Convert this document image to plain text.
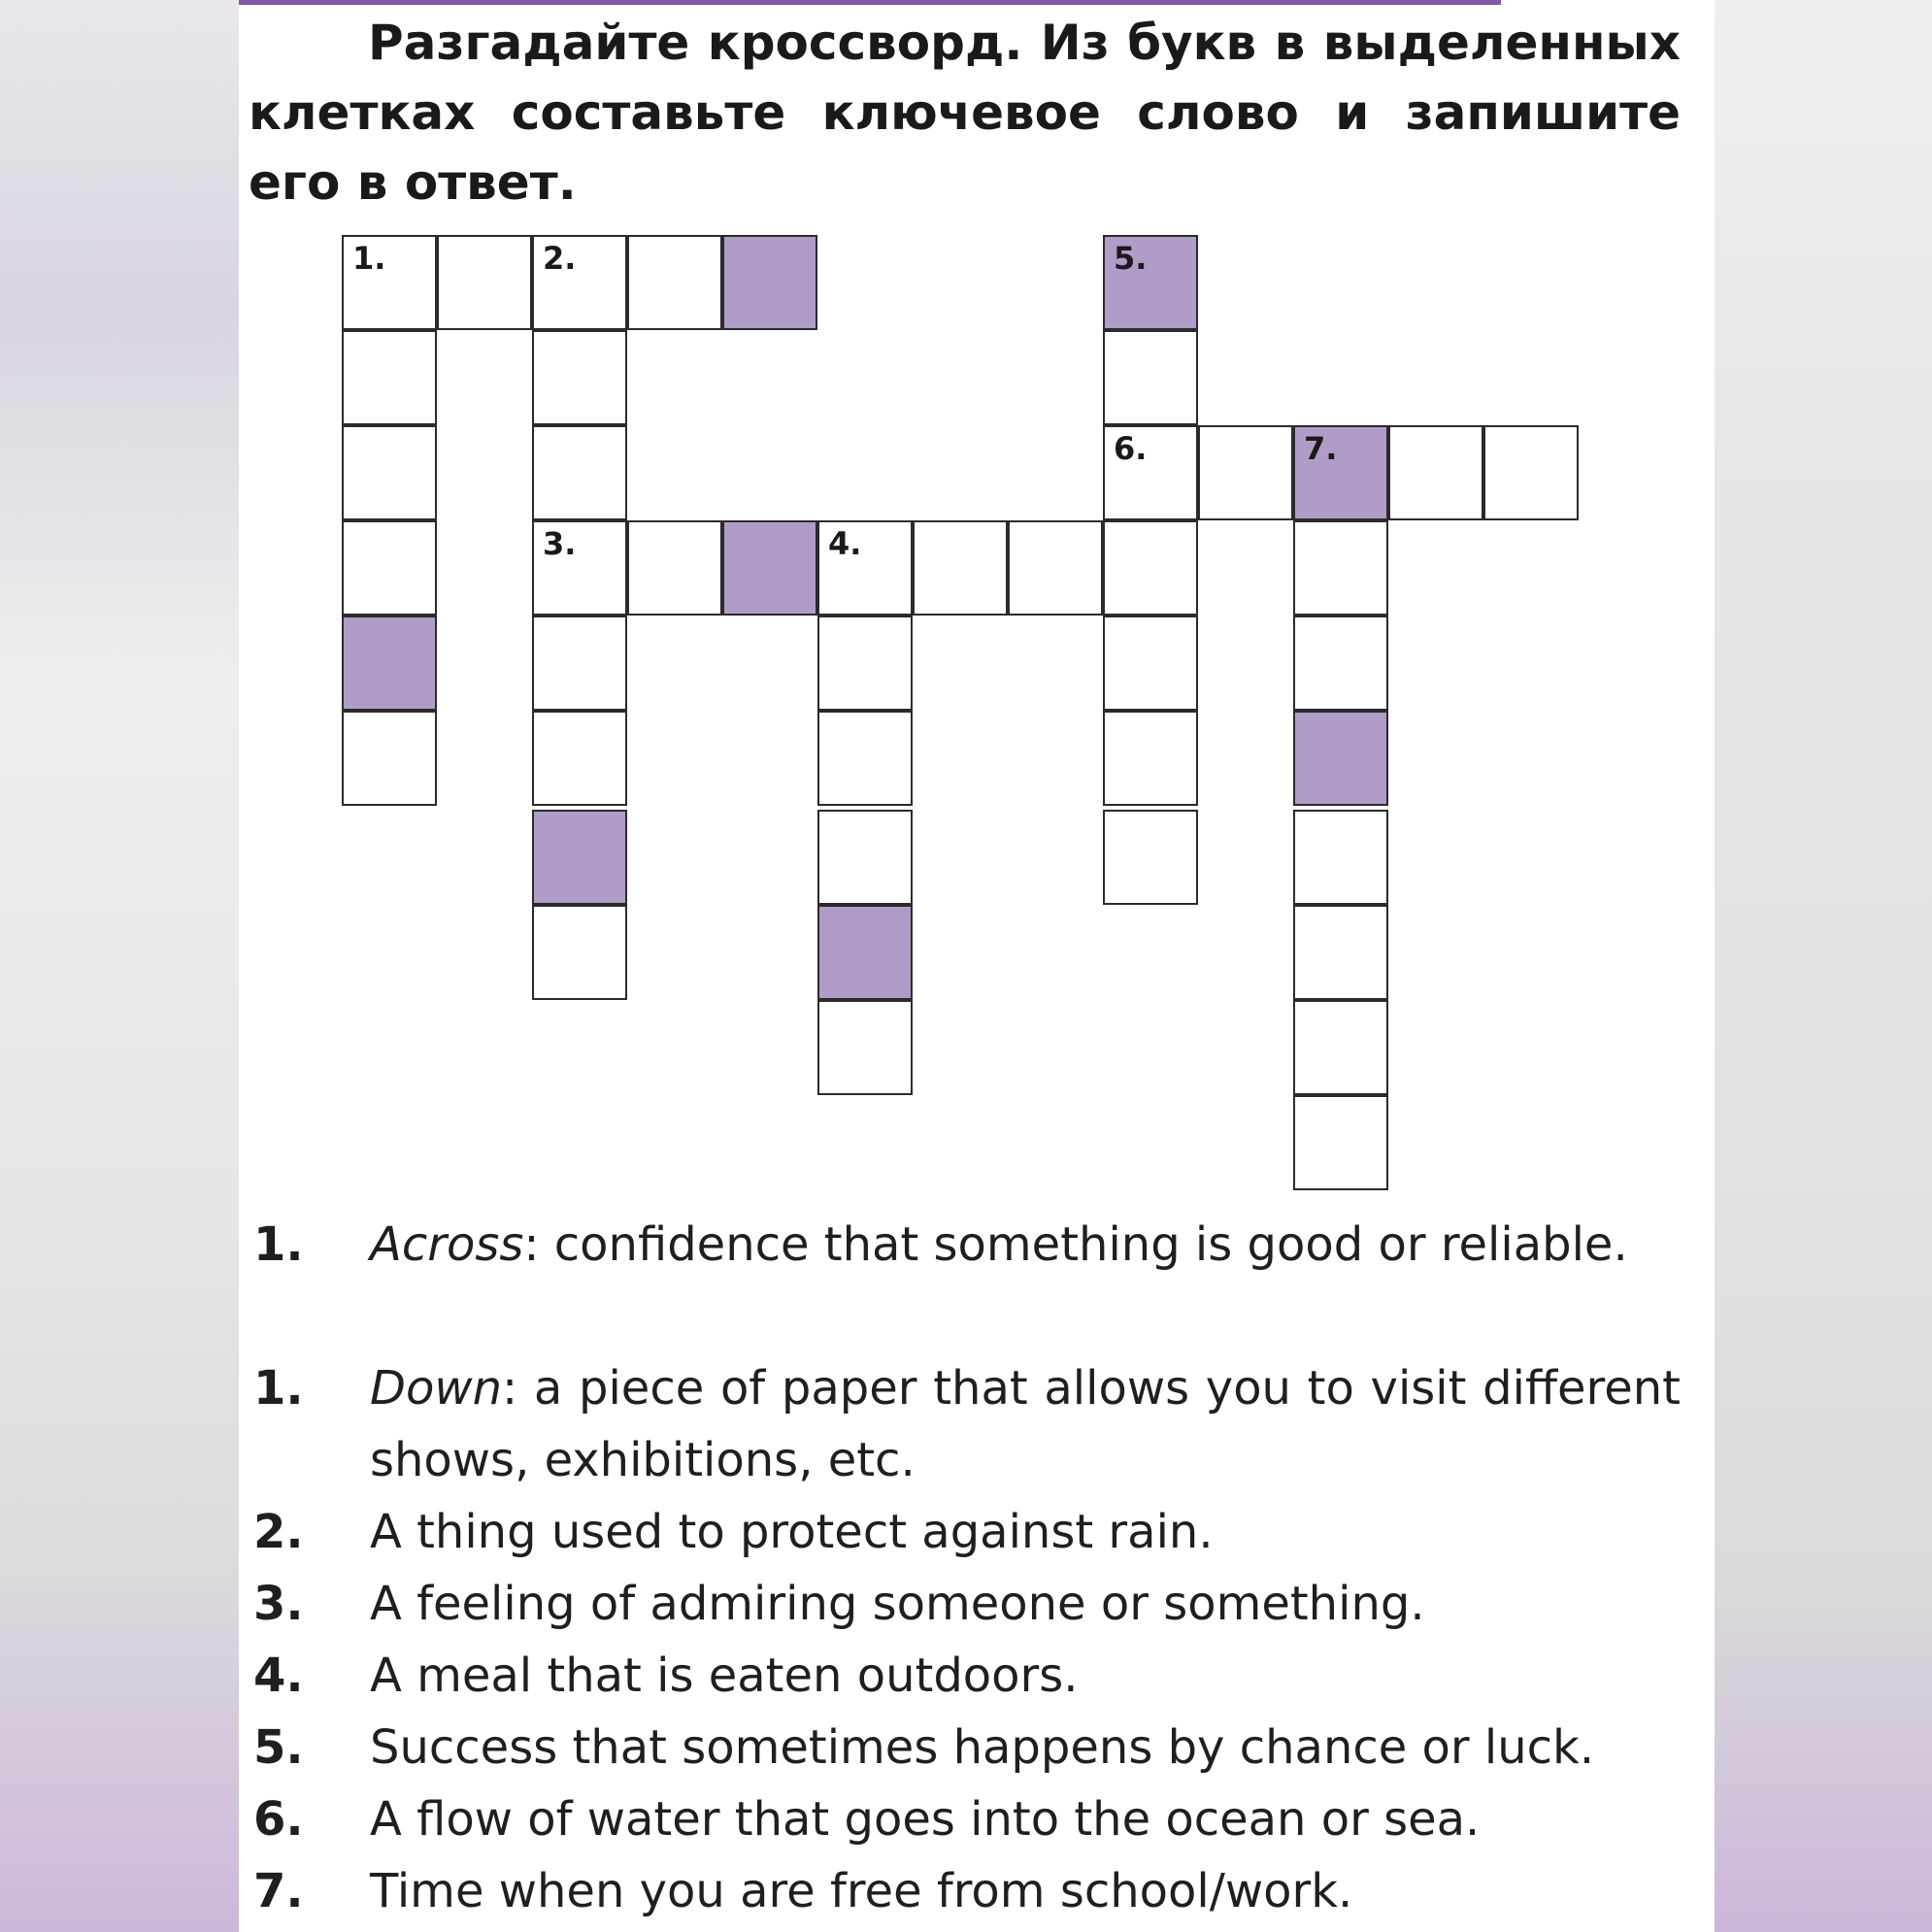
Разгадайте кроссворд. Из букв в выделенных клетках составьте ключевое слово и запишите его в ответ.
1.	2.
3.	4.
5.
6.	7.
1. Across: confidence that something is good or reliable.
1. Down: a piece of paper that allows you to visit different shows, exhibitions, etc.
2. A thing used to protect against rain.
3. A feeling of admiring someone or something.
4. A meal that is eaten outdoors.
5. Success that sometimes happens by chance or luck.
6. A flow of water that goes into the ocean or sea.
7. Time when you are free from school/work.
